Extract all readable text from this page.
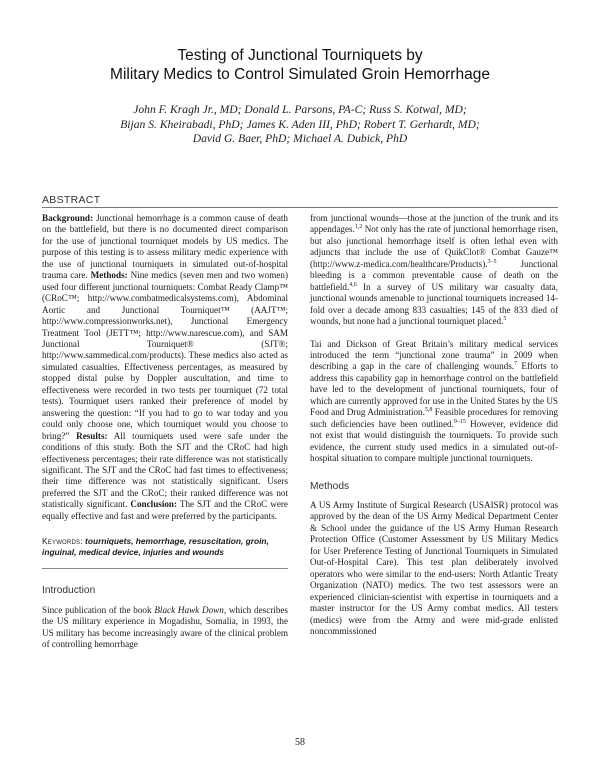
Testing of Junctional Tourniquets by
Military Medics to Control Simulated Groin Hemorrhage
John F. Kragh Jr., MD; Donald L. Parsons, PA-C; Russ S. Kotwal, MD;
Bijan S. Kheirabadi, PhD; James K. Aden III, PhD; Robert T. Gerhardt, MD;
David G. Baer, PhD; Michael A. Dubick, PhD
ABSTRACT

Background: Junctional hemorrhage is a common cause of death on the battlefield, but there is no documented direct comparison for the use of junctional tourniquet models by US medics. The purpose of this testing is to assess military medic experience with the use of junctional tourniquets in simulated out-of-hospital trauma care. Methods: Nine medics (seven men and two women) used four different junctional tourniquets: Combat Ready Clamp™ (CRoC™; http://www.combatmedicalsystems.com), Abdominal Aortic and Junctional Tourniquet™ (AAJT™; http://www.compressionworks.net), Junctional Emergency Treatment Tool (JETT™; http://www.narescue.com), and SAM Junctional Tourniquet® (SJT®; http://www.sammedical.com/products). These medics also acted as simulated casualties. Effectiveness percentages, as measured by stopped distal pulse by Doppler auscultation, and time to effectiveness were recorded in two tests per tourniquet (72 total tests). Tourniquet users ranked their preference of model by answering the question: “If you had to go to war today and you could only choose one, which tourniquet would you choose to bring?” Results: All tourniquets used were safe under the conditions of this study. Both the SJT and the CRoC had high effectiveness percentages; their rate difference was not statistically significant. The SJT and the CRoC had fast times to effectiveness; their time difference was not statistically significant. Users preferred the SJT and the CRoC; their ranked difference was not statistically significant. Conclusion: The SJT and the CRoC were equally effective and fast and were preferred by the participants.

Keywords: tourniquets, hemorrhage, resuscitation, groin, inguinal, medical device, injuries and wounds

Introduction

Since publication of the book Black Hawk Down, which describes the US military experience in Mogadishu, Somalia, in 1993, the US military has become increasingly aware of the clinical problem of controlling hemorrhage

from junctional wounds—those at the junction of the trunk and its appendages.$^{1,2}$ Not only has the rate of junctional hemorrhage risen, but also junctional hemorrhage itself is often lethal even with adjuncts that include the use of QuikClot® Combat Gauze™ (http://www.z-medica.com/healthcare/Products).$^{3-5}$ Junctional bleeding is a common preventable cause of death on the battlefield.$^{4,6}$ In a survey of US military war casualty data, junctional wounds amenable to junctional tourniquets increased 14-fold over a decade among 833 casualties; 145 of the 833 died of wounds, but none had a junctional tourniquet placed.$^5$

Tai and Dickson of Great Britain’s military medical services introduced the term “junctional zone trauma” in 2009 when describing a gap in the care of challenging wounds.$^7$ Efforts to address this capability gap in hemorrhage control on the battlefield have led to the development of junctional tourniquets, four of which are currently approved for use in the United States by the US Food and Drug Administration.$^{5,8}$ Feasible procedures for removing such deficiencies have been outlined.$^{9-15}$ However, evidence did not exist that would distinguish the tourniquets. To provide such evidence, the current study used medics in a simulated out-of-hospital situation to compare multiple junctional tourniquets.

Methods

A US Army Institute of Surgical Research (USAISR) protocol was approved by the dean of the US Army Medical Department Center & School under the guidance of the US Army Human Research Protection Office (Customer Assessment by US Military Medics for User Preference Testing of Junctional Tourniquets in Simulated Out-of-Hospital Care). This test plan deliberately involved operators who were similar to the end-users: North Atlantic Treaty Organization (NATO) medics. The two test assessors were an experienced clinician-scientist with expertise in tourniquets and a master instructor for the US Army combat medics. All testers (medics) were from the Army and were mid-grade enlisted noncommissioned

58
